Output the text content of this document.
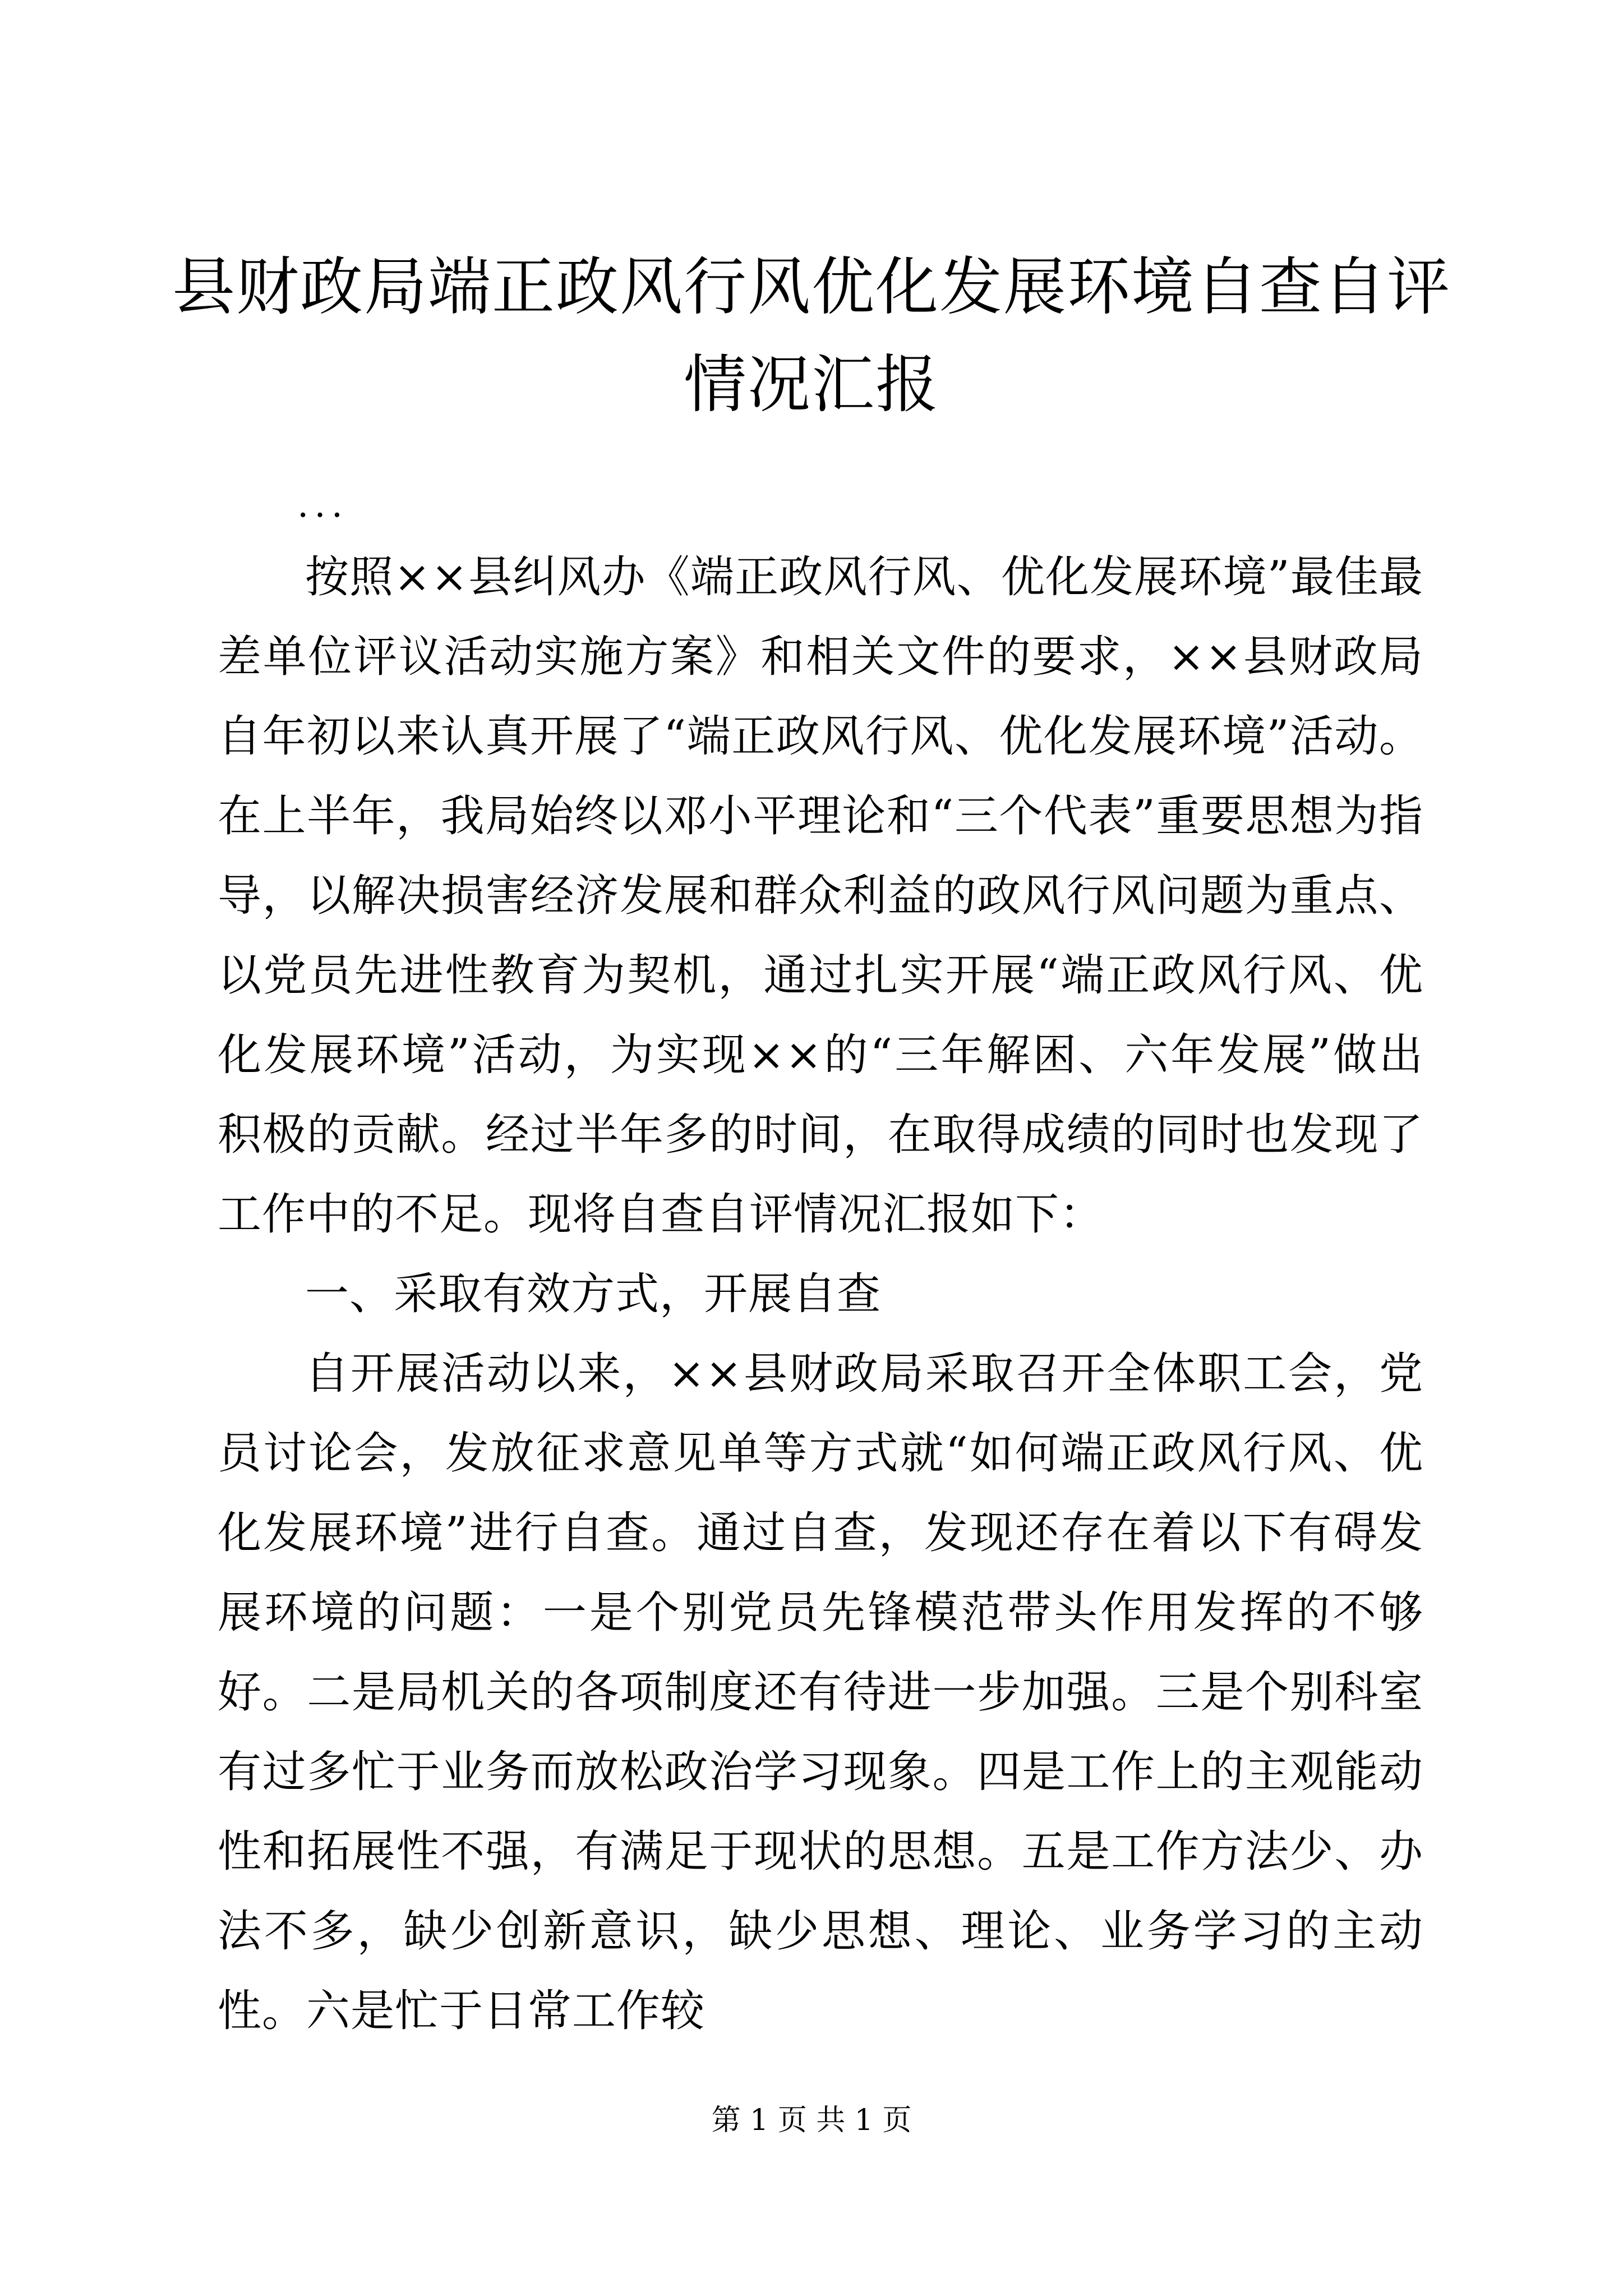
县财政局端正政风行风优化发展环境自查自评情况汇报
...

按照××县纠风办《端正政风行风、优化发展环境”最佳最差单位评议活动实施方案》和相关文件的要求，××县财政局自年初以来认真开展了“端正政风行风、优化发展环境”活动。在上半年，我局始终以邓小平理论和“三个代表”重要思想为指导，以解决损害经济发展和群众利益的政风行风问题为重点、以党员先进性教育为契机，通过扎实开展“端正政风行风、优化发展环境”活动，为实现××的“三年解困、六年发展”做出积极的贡献。经过半年多的时间，在取得成绩的同时也发现了工作中的不足。现将自查自评情况汇报如下：

一、采取有效方式，开展自查

自开展活动以来，××县财政局采取召开全体职工会，党员讨论会，发放征求意见单等方式就“如何端正政风行风、优化发展环境”进行自查。通过自查，发现还存在着以下有碍发展环境的问题：一是个别党员先锋模范带头作用发挥的不够好。二是局机关的各项制度还有待进一步加强。三是个别科室有过多忙于业务而放松政治学习现象。四是工作上的主观能动性和拓展性不强，有满足于现状的思想。五是工作方法少、办法不多，缺少创新意识，缺少思想、理论、业务学习的主动性。六是忙于日常工作较

第 1 页 共 1 页
